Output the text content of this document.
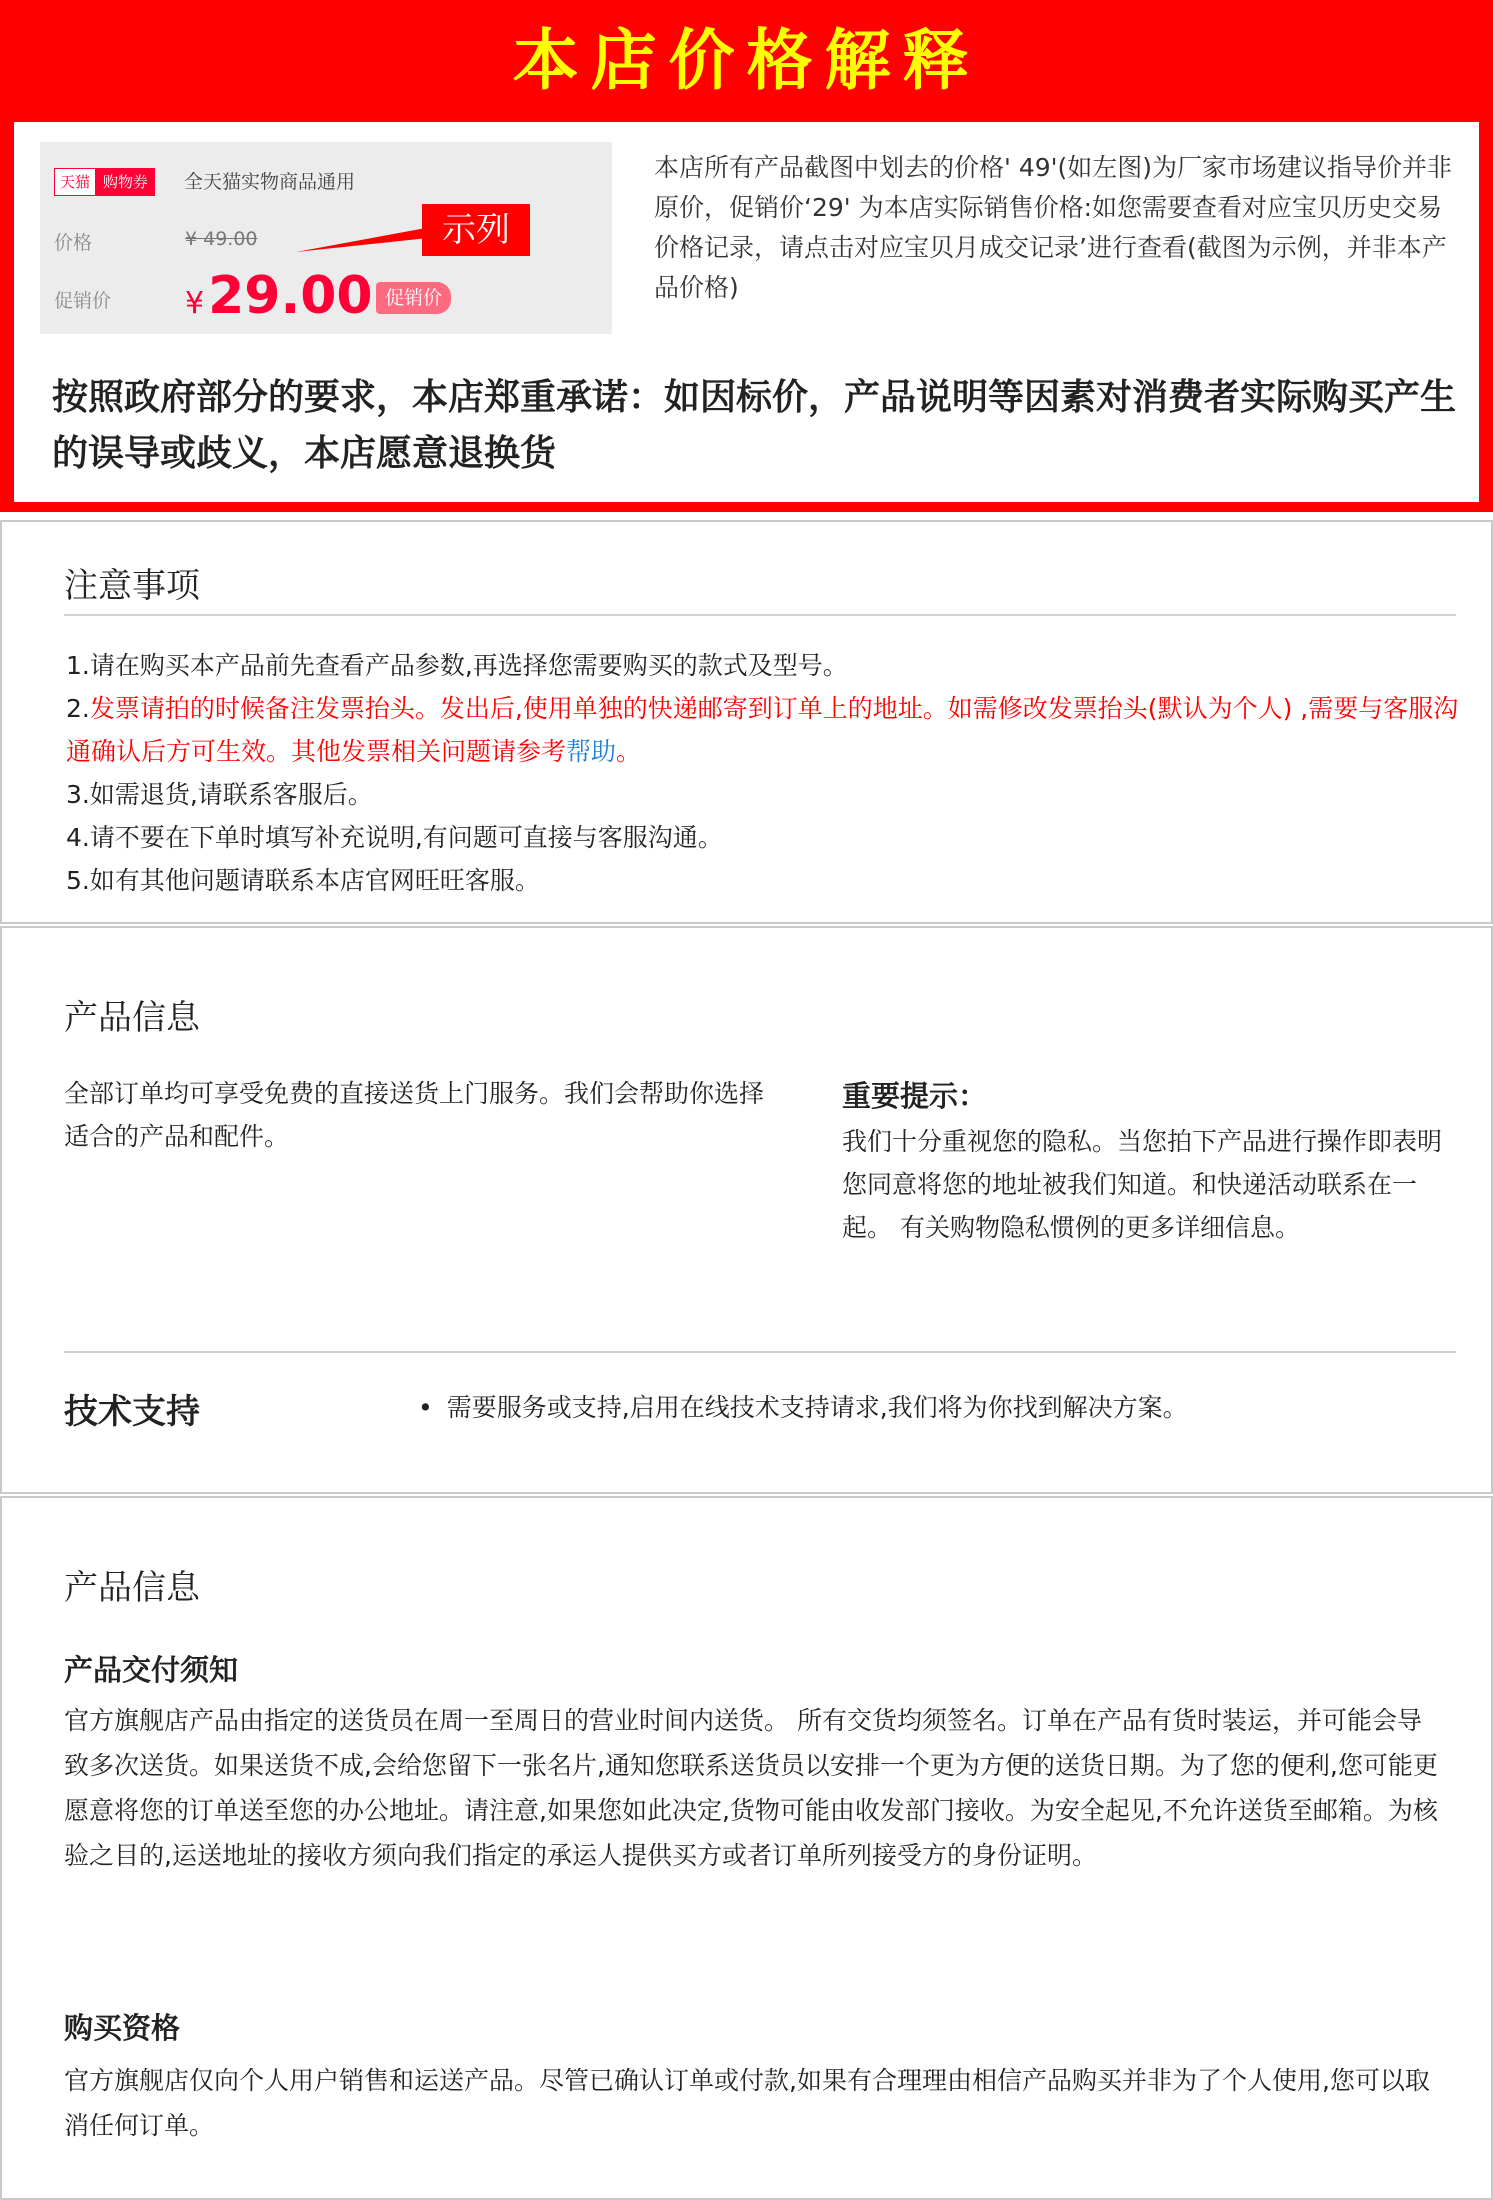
本店价格解释
天猫 购物券	全天猫实物商品通用
价格	¥ 49.00
促销价 ¥29.00 促销价
示列
本店所有产品截图中划去的价格' 49'(如左图)为厂家市场建议指导价并非原价，促销价‘29' 为本店实际销售价格:如您需要查看对应宝贝历史交易价格记录，请点击对应宝贝月成交记录’进行查看(截图为示例，并非本产品价格)
按照政府部分的要求，本店郑重承诺：如因标价，产品说明等因素对消费者实际购买产生的误导或歧义，本店愿意退换货
注意事项
1.请在购买本产品前先查看产品参数,再选择您需要购买的款式及型号。
2.发票请拍的时候备注发票抬头。发出后,使用单独的快递邮寄到订单上的地址。如需修改发票抬头(默认为个人) ,需要与客服沟通确认后方可生效。其他发票相关问题请参考帮助。
3.如需退货,请联系客服后。
4.请不要在下单时填写补充说明,有问题可直接与客服沟通。
5.如有其他问题请联系本店官网旺旺客服。
产品信息
全部订单均可享受免费的直接送货上门服务。我们会帮助你选择适合的产品和配件。
重要提示：
我们十分重视您的隐私。当您拍下产品进行操作即表明您同意将您的地址被我们知道。和快递活动联系在一起。 有关购物隐私惯例的更多详细信息。
技术支持	• 需要服务或支持,启用在线技术支持请求,我们将为你找到解决方案。
产品信息
产品交付须知
官方旗舰店产品由指定的送货员在周一至周日的营业时间内送货。 所有交货均须签名。订单在产品有货时装运，并可能会导致多次送货。如果送货不成,会给您留下一张名片,通知您联系送货员以安排一个更为方便的送货日期。为了您的便利,您可能更愿意将您的订单送至您的办公地址。请注意,如果您如此决定,货物可能由收发部门接收。为安全起见,不允许送货至邮箱。为核验之目的,运送地址的接收方须向我们指定的承运人提供买方或者订单所列接受方的身份证明。
购买资格
官方旗舰店仅向个人用户销售和运送产品。尽管已确认订单或付款,如果有合理理由相信产品购买并非为了个人使用,您可以取消任何订单。
